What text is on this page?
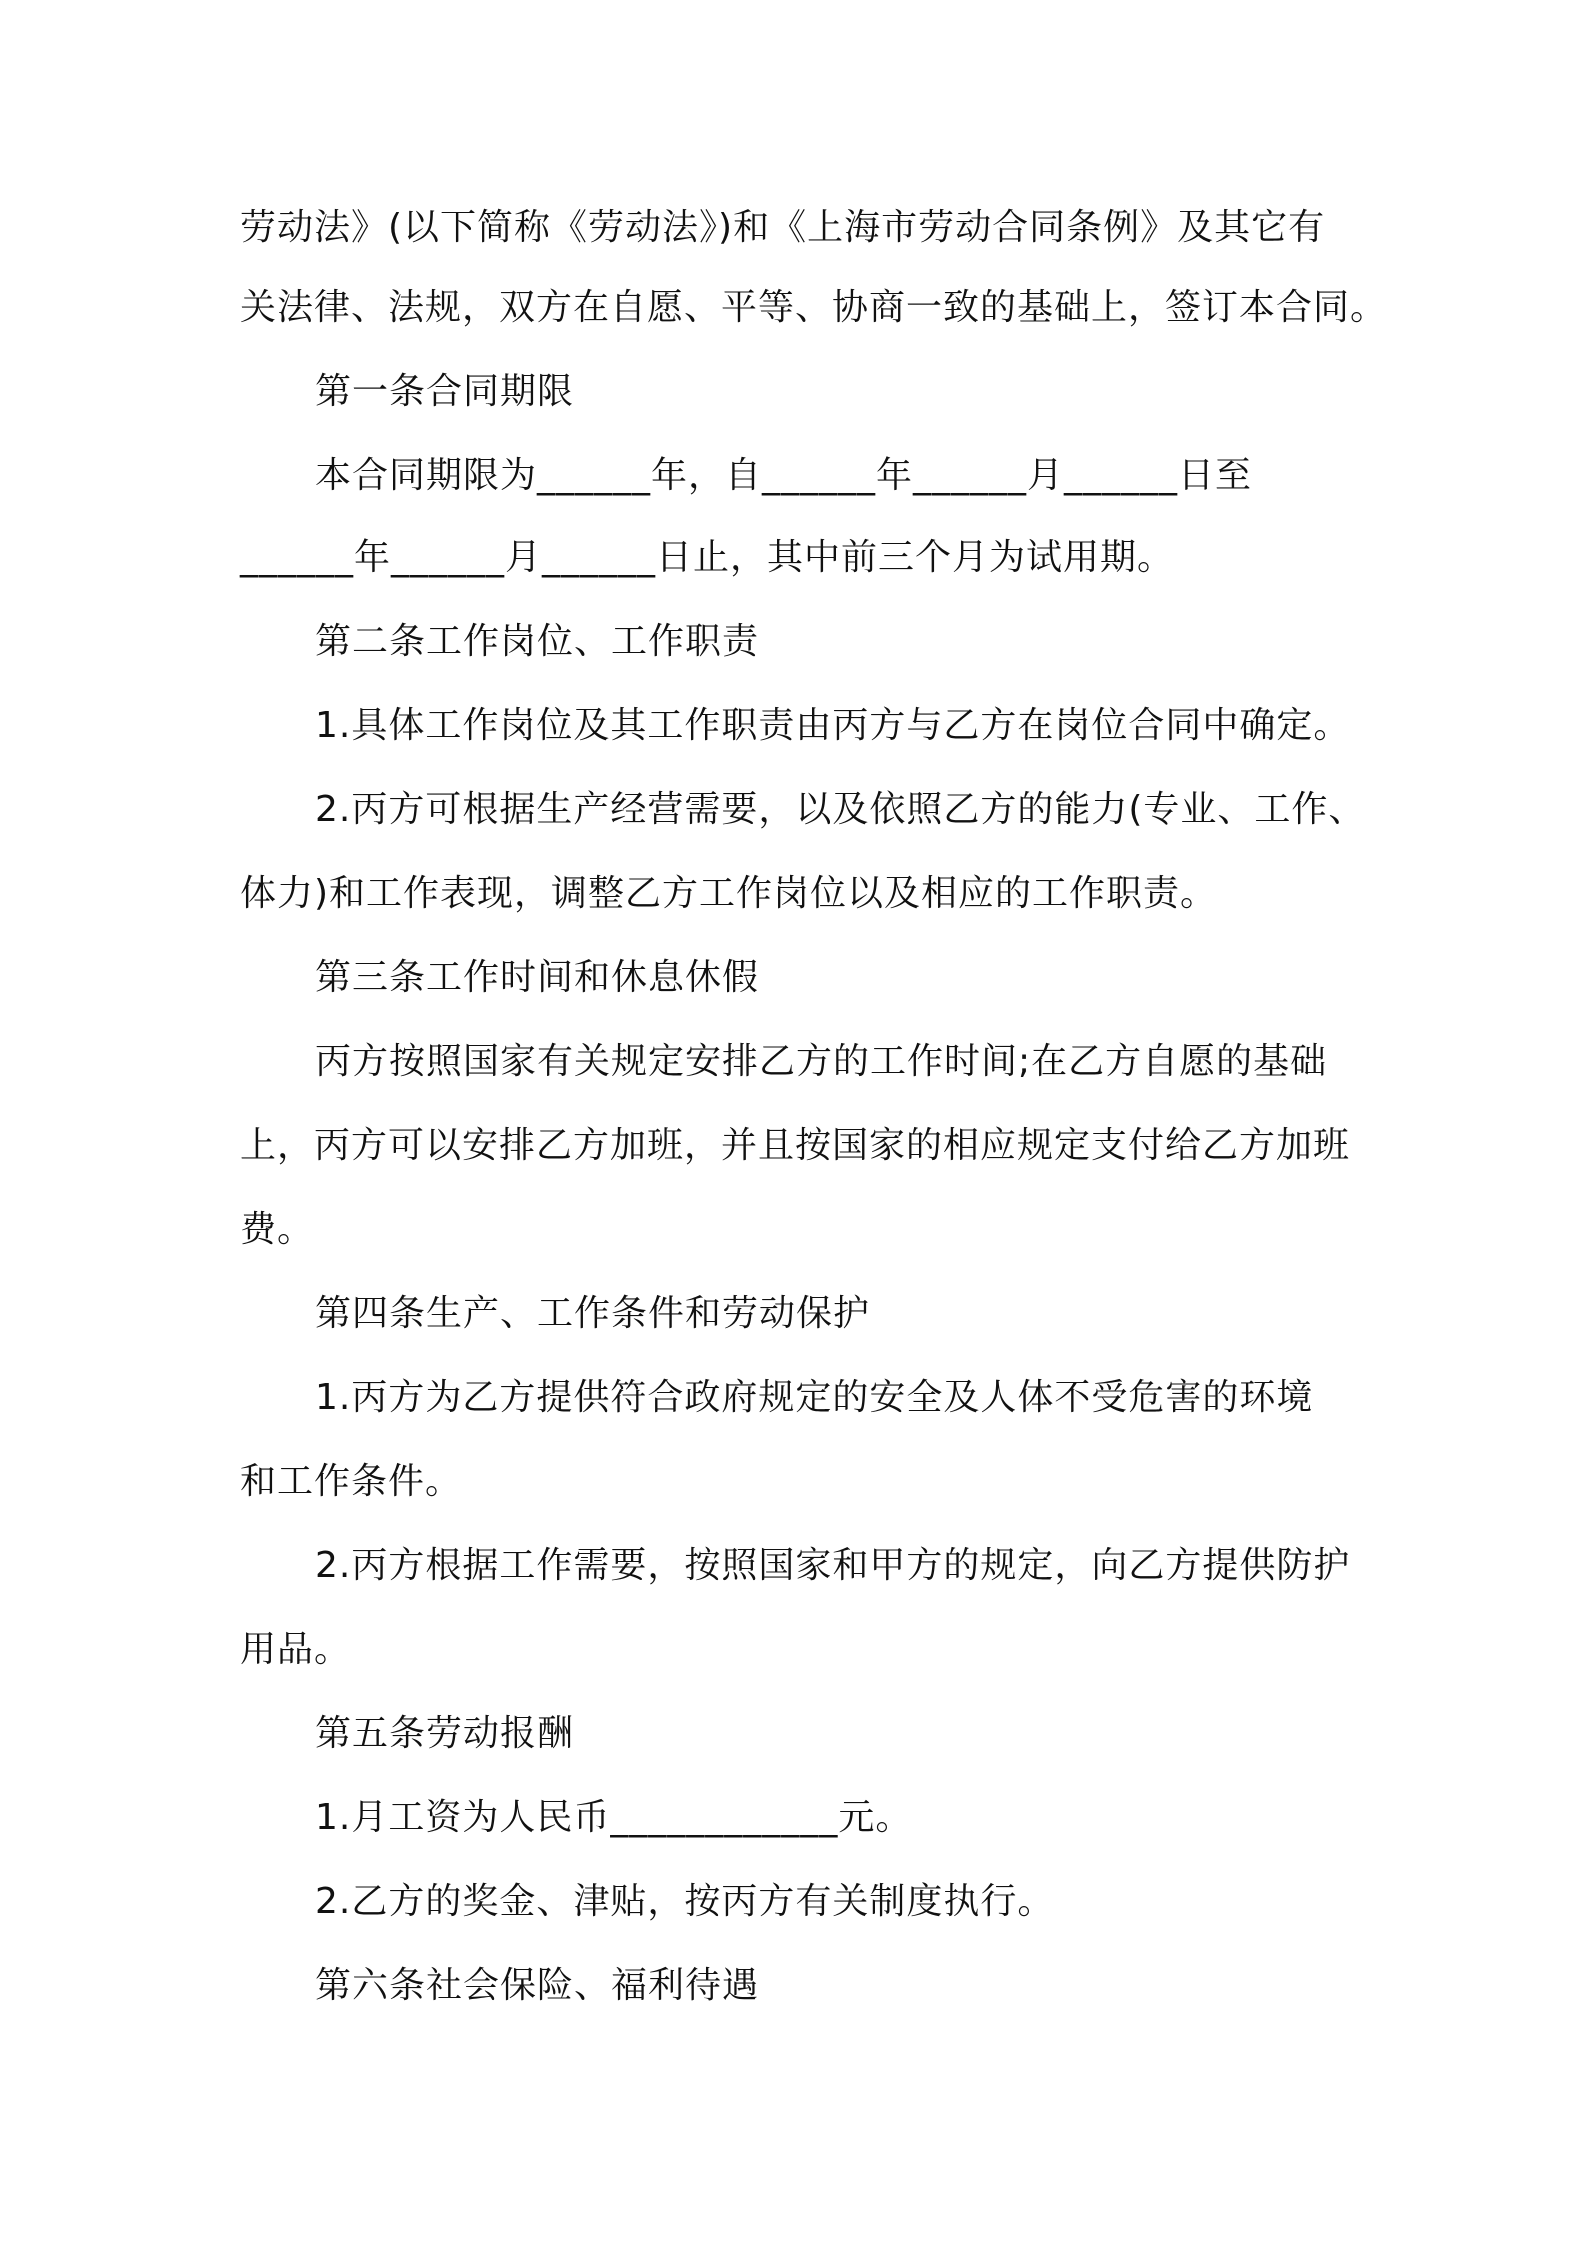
劳动法》(以下简称《劳动法》)和《上海市劳动合同条例》及其它有
关法律、法规，双方在自愿、平等、协商一致的基础上，签订本合同。
第一条合同期限
本合同期限为______年，自______年______月______日至
______年______月______日止，其中前三个月为试用期。
第二条工作岗位、工作职责
1.具体工作岗位及其工作职责由丙方与乙方在岗位合同中确定。
2.丙方可根据生产经营需要，以及依照乙方的能力(专业、工作、
体力)和工作表现，调整乙方工作岗位以及相应的工作职责。
第三条工作时间和休息休假
丙方按照国家有关规定安排乙方的工作时间;在乙方自愿的基础
上，丙方可以安排乙方加班，并且按国家的相应规定支付给乙方加班
费。
第四条生产、工作条件和劳动保护
1.丙方为乙方提供符合政府规定的安全及人体不受危害的环境
和工作条件。
2.丙方根据工作需要，按照国家和甲方的规定，向乙方提供防护
用品。
第五条劳动报酬
1.月工资为人民币____________元。
2.乙方的奖金、津贴，按丙方有关制度执行。
第六条社会保险、福利待遇
